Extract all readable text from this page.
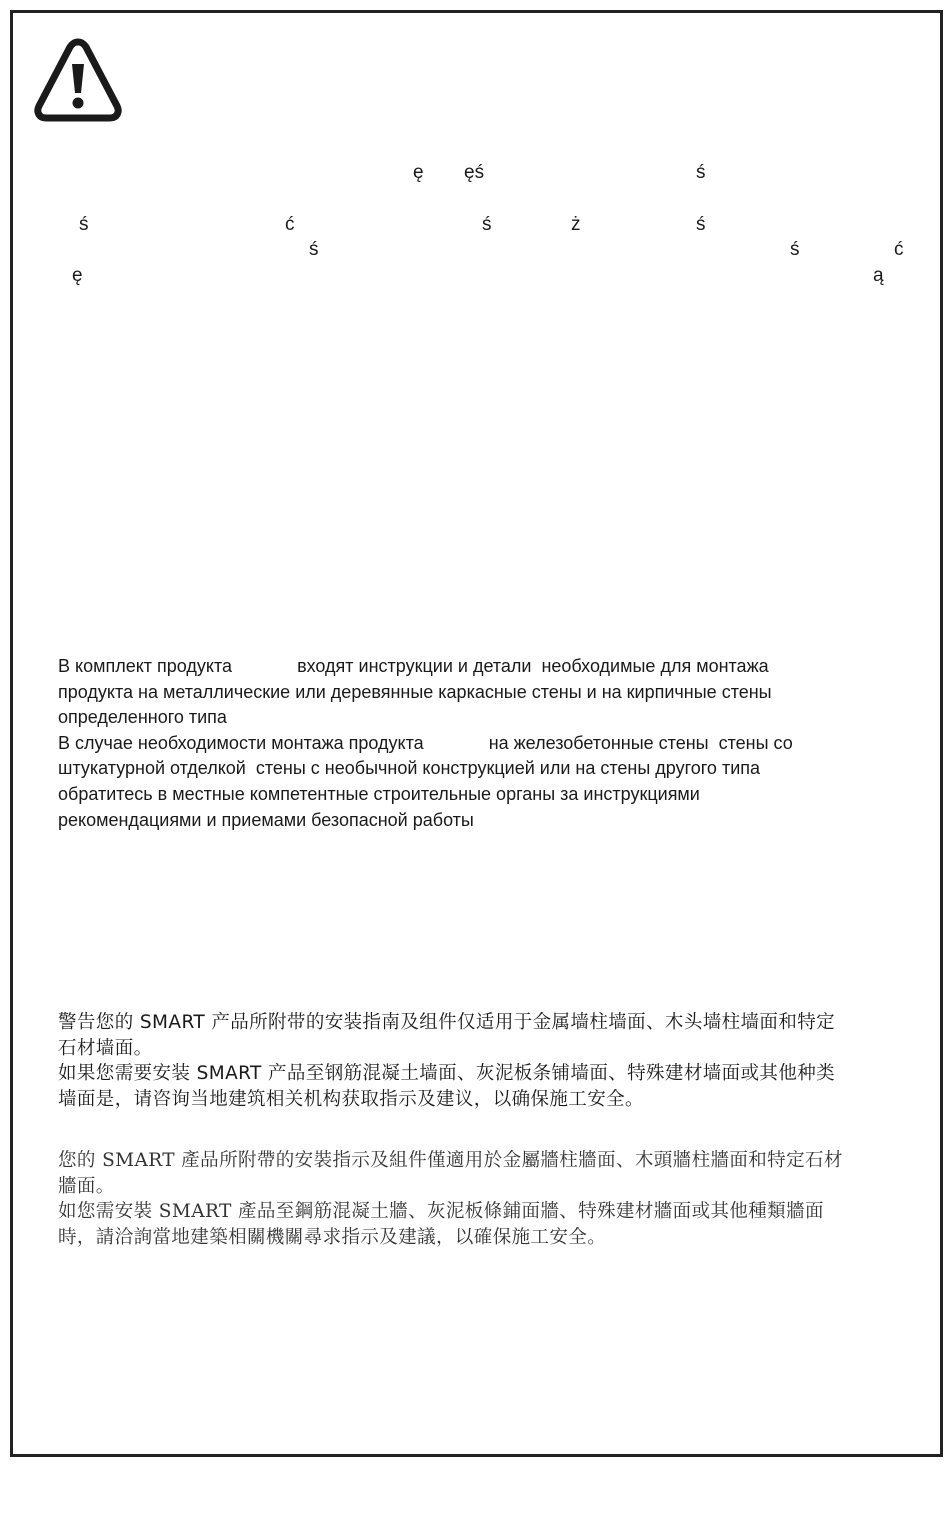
ę ęś	ś
ś	ć	ś	ż	ś
ś	ś	ć
ę	ą
В комплект продукта             входят инструкции и детали  необходимые для монтажа
продукта на металлические или деревянные каркасные стены и на кирпичные стены
определенного типа
В случае необходимости монтажа продукта             на железобетонные стены  стены со
штукатурной отделкой  стены с необычной конструкцией или на стены другого типа
обратитесь в местные компетентные строительные органы за инструкциями
рекомендациями и приемами безопасной работы
警告您的 SMART 产品所附带的安装指南及组件仅适用于金属墙柱墙面、木头墙柱墙面和特定
石材墙面。
如果您需要安装 SMART 产品至钢筋混凝土墙面、灰泥板条铺墙面、特殊建材墙面或其他种类
墙面是，请咨询当地建筑相关机构获取指示及建议，以确保施工安全。
您的 SMART 產品所附帶的安裝指示及組件僅適用於金屬牆柱牆面、木頭牆柱牆面和特定石材
牆面。
如您需安裝 SMART 產品至鋼筋混凝土牆、灰泥板條鋪面牆、特殊建材牆面或其他種類牆面
時，請洽詢當地建築相關機關尋求指示及建議，以確保施工安全。
